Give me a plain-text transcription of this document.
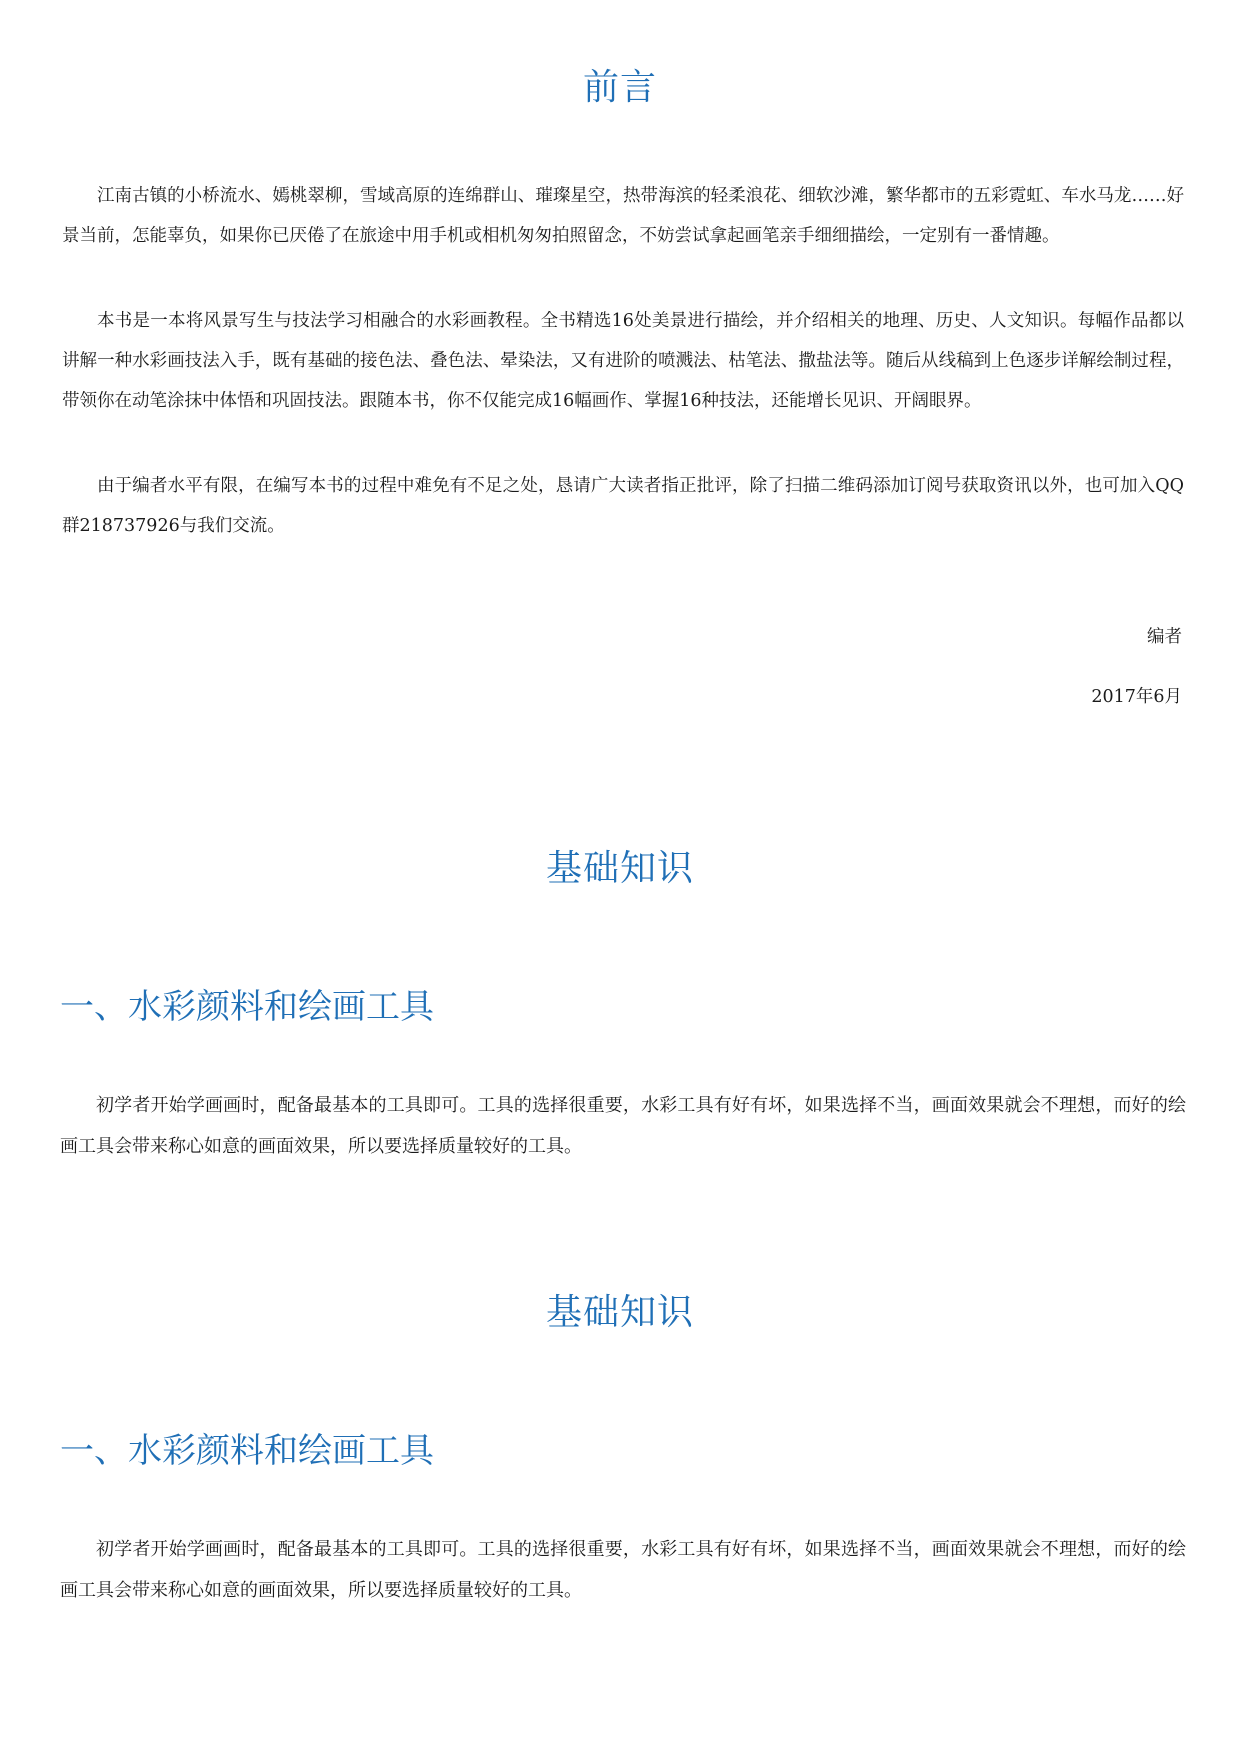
前言

江南古镇的小桥流水、嫣桃翠柳，雪域高原的连绵群山、璀璨星空，热带海滨的轻柔浪花、细软沙滩，繁华都市的五彩霓虹、车水马龙……好景当前，怎能辜负，如果你已厌倦了在旅途中用手机或相机匆匆拍照留念，不妨尝试拿起画笔亲手细细描绘，一定别有一番情趣。

本书是一本将风景写生与技法学习相融合的水彩画教程。全书精选16处美景进行描绘，并介绍相关的地理、历史、人文知识。每幅作品都以讲解一种水彩画技法入手，既有基础的接色法、叠色法、晕染法，又有进阶的喷溅法、枯笔法、撒盐法等。随后从线稿到上色逐步详解绘制过程，带领你在动笔涂抹中体悟和巩固技法。跟随本书，你不仅能完成16幅画作、掌握16种技法，还能增长见识、开阔眼界。

由于编者水平有限，在编写本书的过程中难免有不足之处，恳请广大读者指正批评，除了扫描二维码添加订阅号获取资讯以外，也可加入QQ群218737926与我们交流。

编者
2017年6月
基础知识
一、水彩颜料和绘画工具

初学者开始学画画时，配备最基本的工具即可。工具的选择很重要，水彩工具有好有坏，如果选择不当，画面效果就会不理想，而好的绘画工具会带来称心如意的画面效果，所以要选择质量较好的工具。

基础知识
一、水彩颜料和绘画工具

初学者开始学画画时，配备最基本的工具即可。工具的选择很重要，水彩工具有好有坏，如果选择不当，画面效果就会不理想，而好的绘画工具会带来称心如意的画面效果，所以要选择质量较好的工具。
